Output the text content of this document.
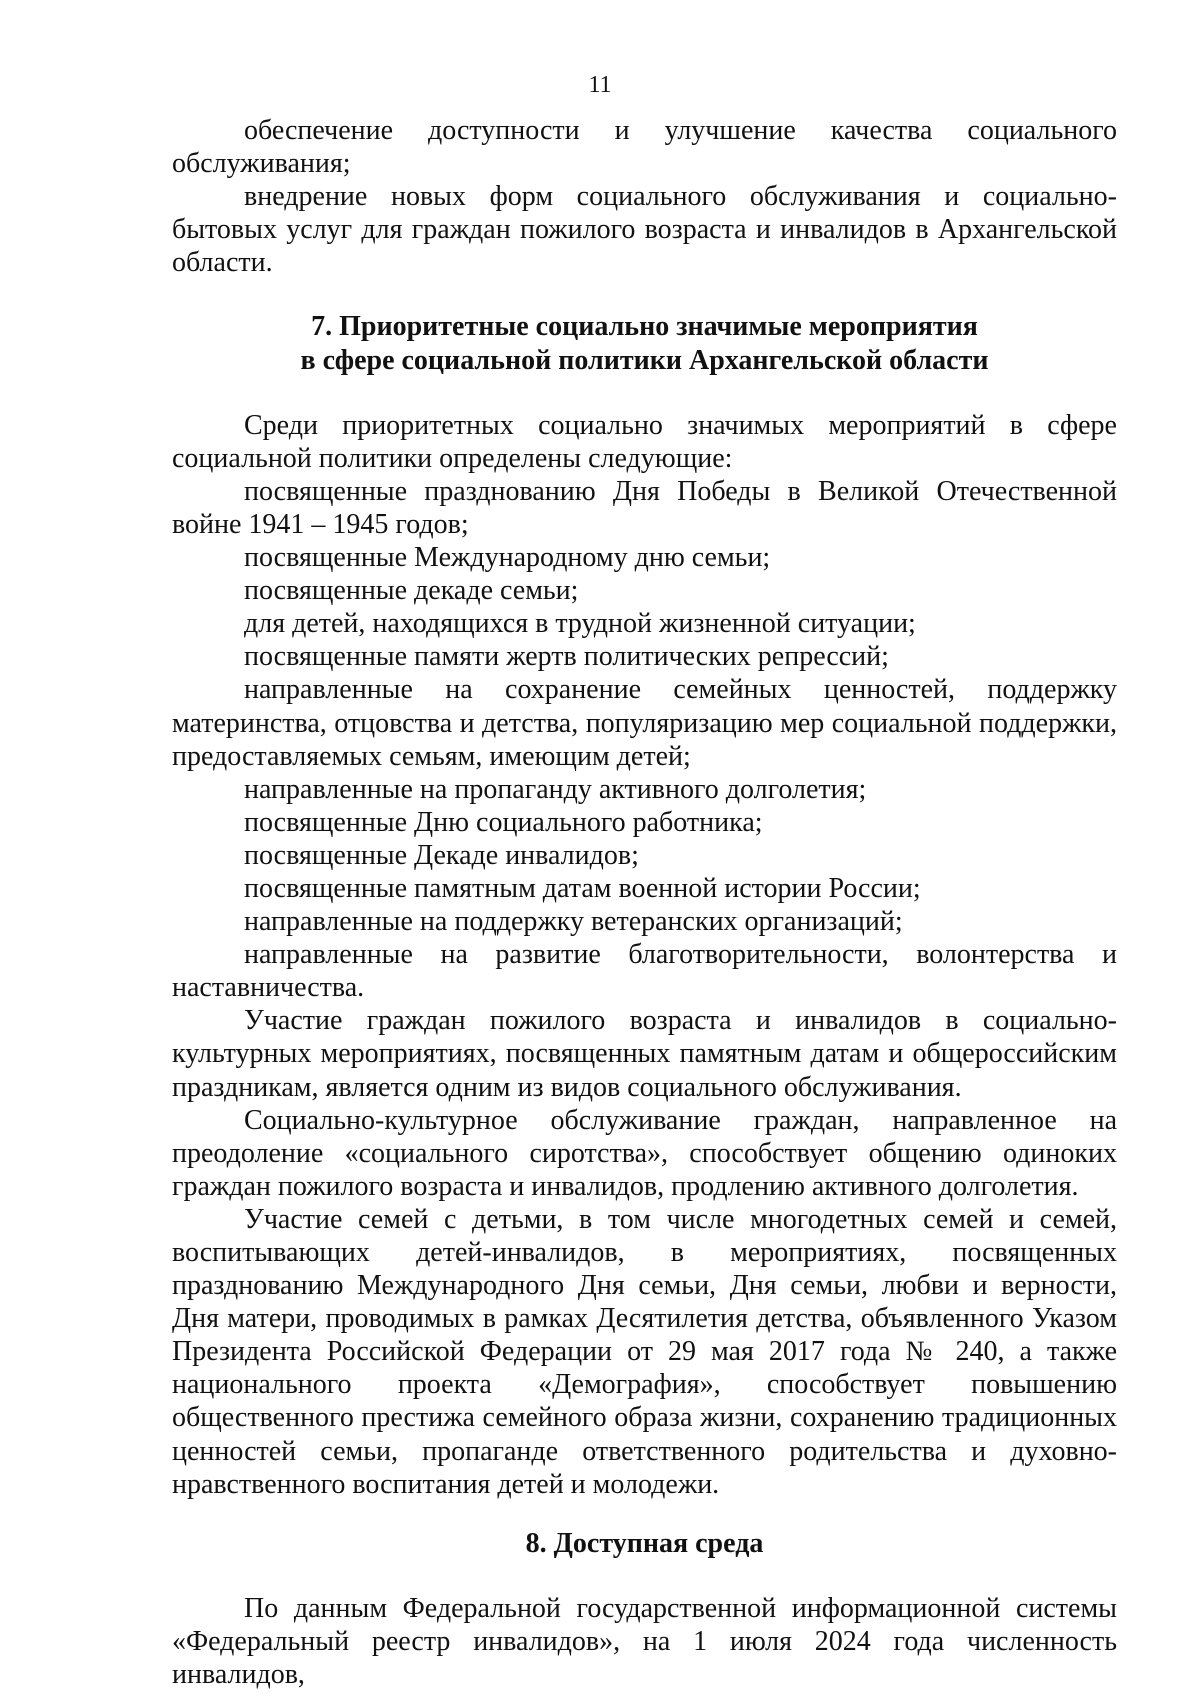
11

обеспечение доступности и улучшение качества социального обслуживания;

внедрение новых форм социального обслуживания и социально-бытовых услуг для граждан пожилого возраста и инвалидов в Архангельской области.

7. Приоритетные социально значимые мероприятия
в сфере социальной политики Архангельской области

Среди приоритетных социально значимых мероприятий в сфере социальной политики определены следующие:

посвященные празднованию Дня Победы в Великой Отечественной войне 1941 – 1945 годов;

посвященные Международному дню семьи;

посвященные декаде семьи;

для детей, находящихся в трудной жизненной ситуации;

посвященные памяти жертв политических репрессий;

направленные на сохранение семейных ценностей, поддержку материнства, отцовства и детства, популяризацию мер социальной поддержки, предоставляемых семьям, имеющим детей;

направленные на пропаганду активного долголетия;

посвященные Дню социального работника;

посвященные Декаде инвалидов;

посвященные памятным датам военной истории России;

направленные на поддержку ветеранских организаций;

направленные на развитие благотворительности, волонтерства и наставничества.

Участие граждан пожилого возраста и инвалидов в социально-культурных мероприятиях, посвященных памятным датам и общероссийским праздникам, является одним из видов социального обслуживания.

Социально-культурное обслуживание граждан, направленное на преодоление «социального сиротства», способствует общению одиноких граждан пожилого возраста и инвалидов, продлению активного долголетия.

Участие семей с детьми, в том числе многодетных семей и семей, воспитывающих детей-инвалидов, в мероприятиях, посвященных празднованию Международного Дня семьи, Дня семьи, любви и верности, Дня матери, проводимых в рамках Десятилетия детства, объявленного Указом Президента Российской Федерации от 29 мая 2017 года № 240, а также национального проекта «Демография», способствует повышению общественного престижа семейного образа жизни, сохранению традиционных ценностей семьи, пропаганде ответственного родительства и духовно-нравственного воспитания детей и молодежи.

8. Доступная среда

По данным Федеральной государственной информационной системы «Федеральный реестр инвалидов», на 1 июля 2024 года численность инвалидов,
